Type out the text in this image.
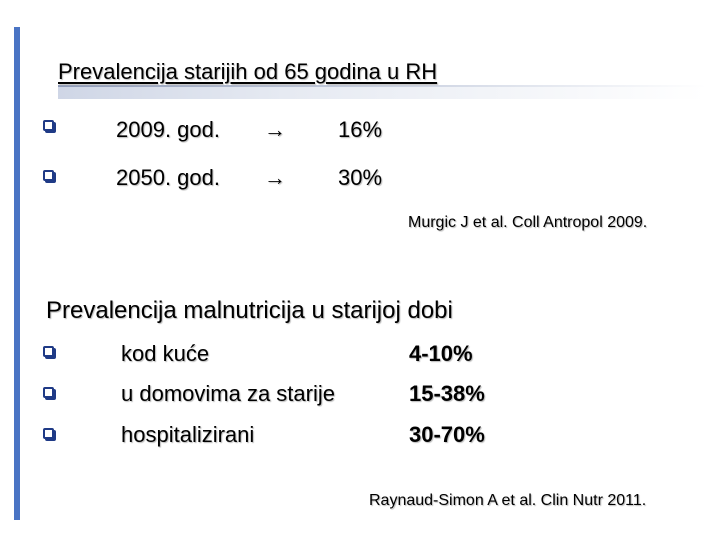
Prevalencija starijih od 65 godina u RH
2009. god. → 16%
2050. god. → 30%
Murgic J et al. Coll Antropol 2009.
Prevalencija malnutricija u starijoj dobi
kod kuće	4-10%
u domovima za starije	15-38%
hospitalizirani	30-70%
Raynaud-Simon A et al. Clin Nutr 2011.
